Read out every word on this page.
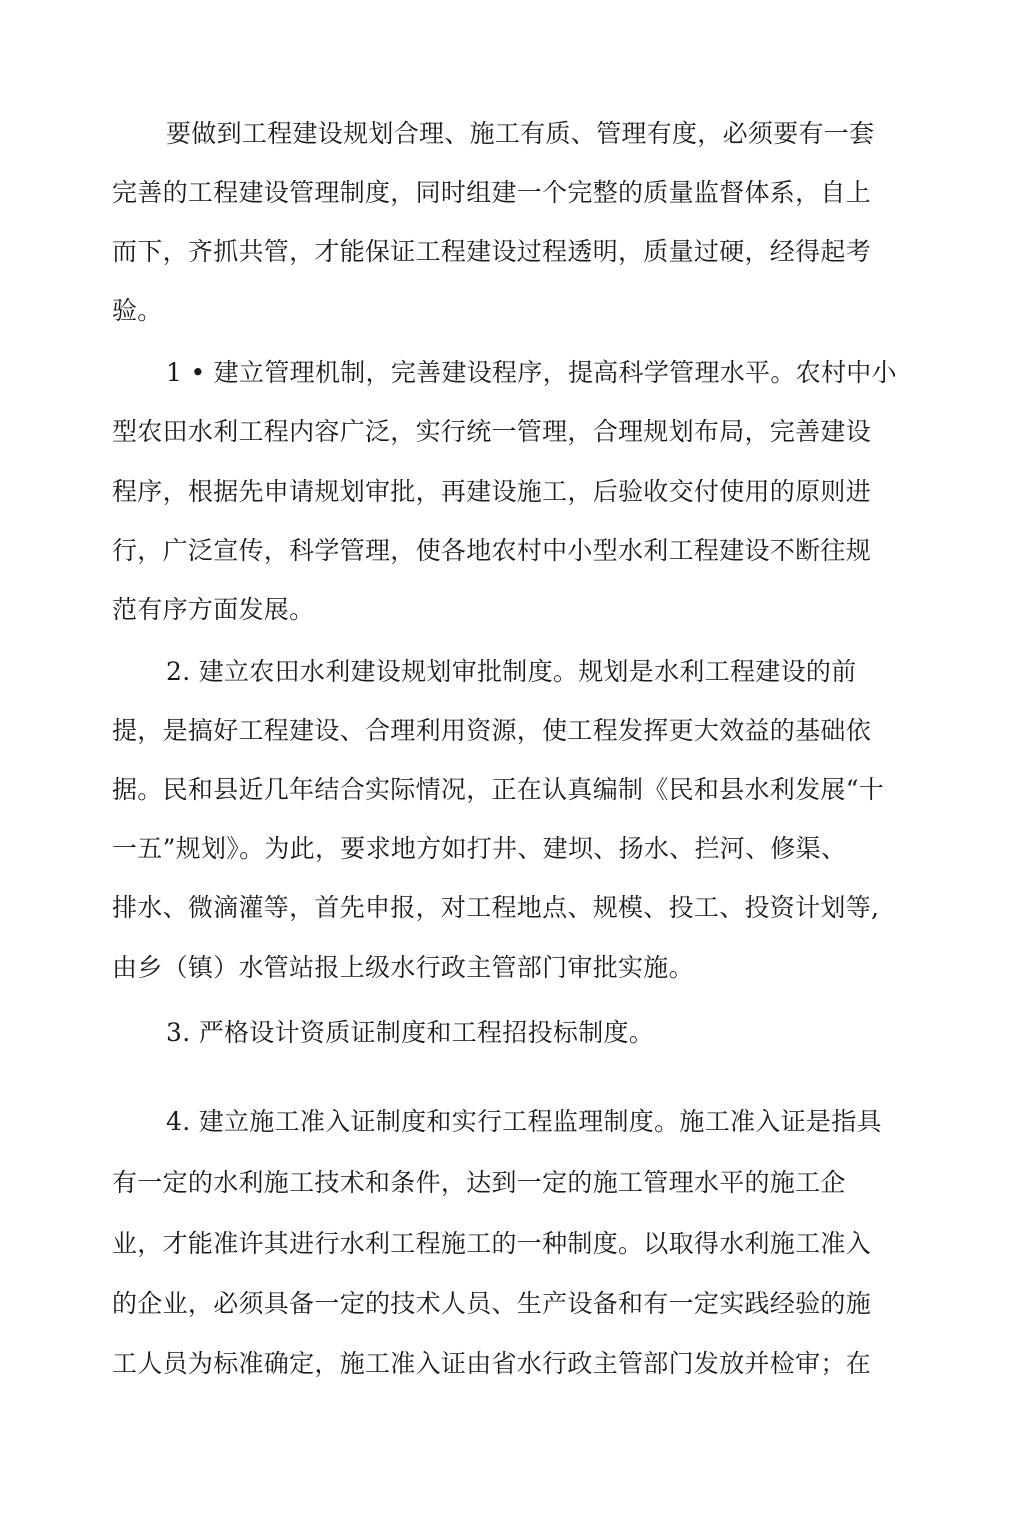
要做到工程建设规划合理、施工有质、管理有度，必须要有一套

完善的工程建设管理制度，同时组建一个完整的质量监督体系，自上

而下，齐抓共管，才能保证工程建设过程透明，质量过硬，经得起考

验。

1 • 建立管理机制，完善建设程序，提高科学管理水平。农村中小

型农田水利工程内容广泛，实行统一管理，合理规划布局，完善建设

程序，根据先申请规划审批，再建设施工，后验收交付使用的原则进

行，广泛宣传，科学管理，使各地农村中小型水利工程建设不断往规

范有序方面发展。

2. 建立农田水利建设规划审批制度。规划是水利工程建设的前

提，是搞好工程建设、合理利用资源，使工程发挥更大效益的基础依

据。民和县近几年结合实际情况，正在认真编制《民和县水利发展“十

一五”规划》。为此，要求地方如打井、建坝、扬水、拦河、修渠、

排水、微滴灌等，首先申报，对工程地点、规模、投工、投资计划等,

由乡（镇）水管站报上级水行政主管部门审批实施。

3. 严格设计资质证制度和工程招投标制度。

4. 建立施工准入证制度和实行工程监理制度。施工准入证是指具

有一定的水利施工技术和条件，达到一定的施工管理水平的施工企

业，才能准许其进行水利工程施工的一种制度。以取得水利施工准入

的企业，必须具备一定的技术人员、生产设备和有一定实践经验的施

工人员为标准确定，施工准入证由省水行政主管部门发放并检审；在
